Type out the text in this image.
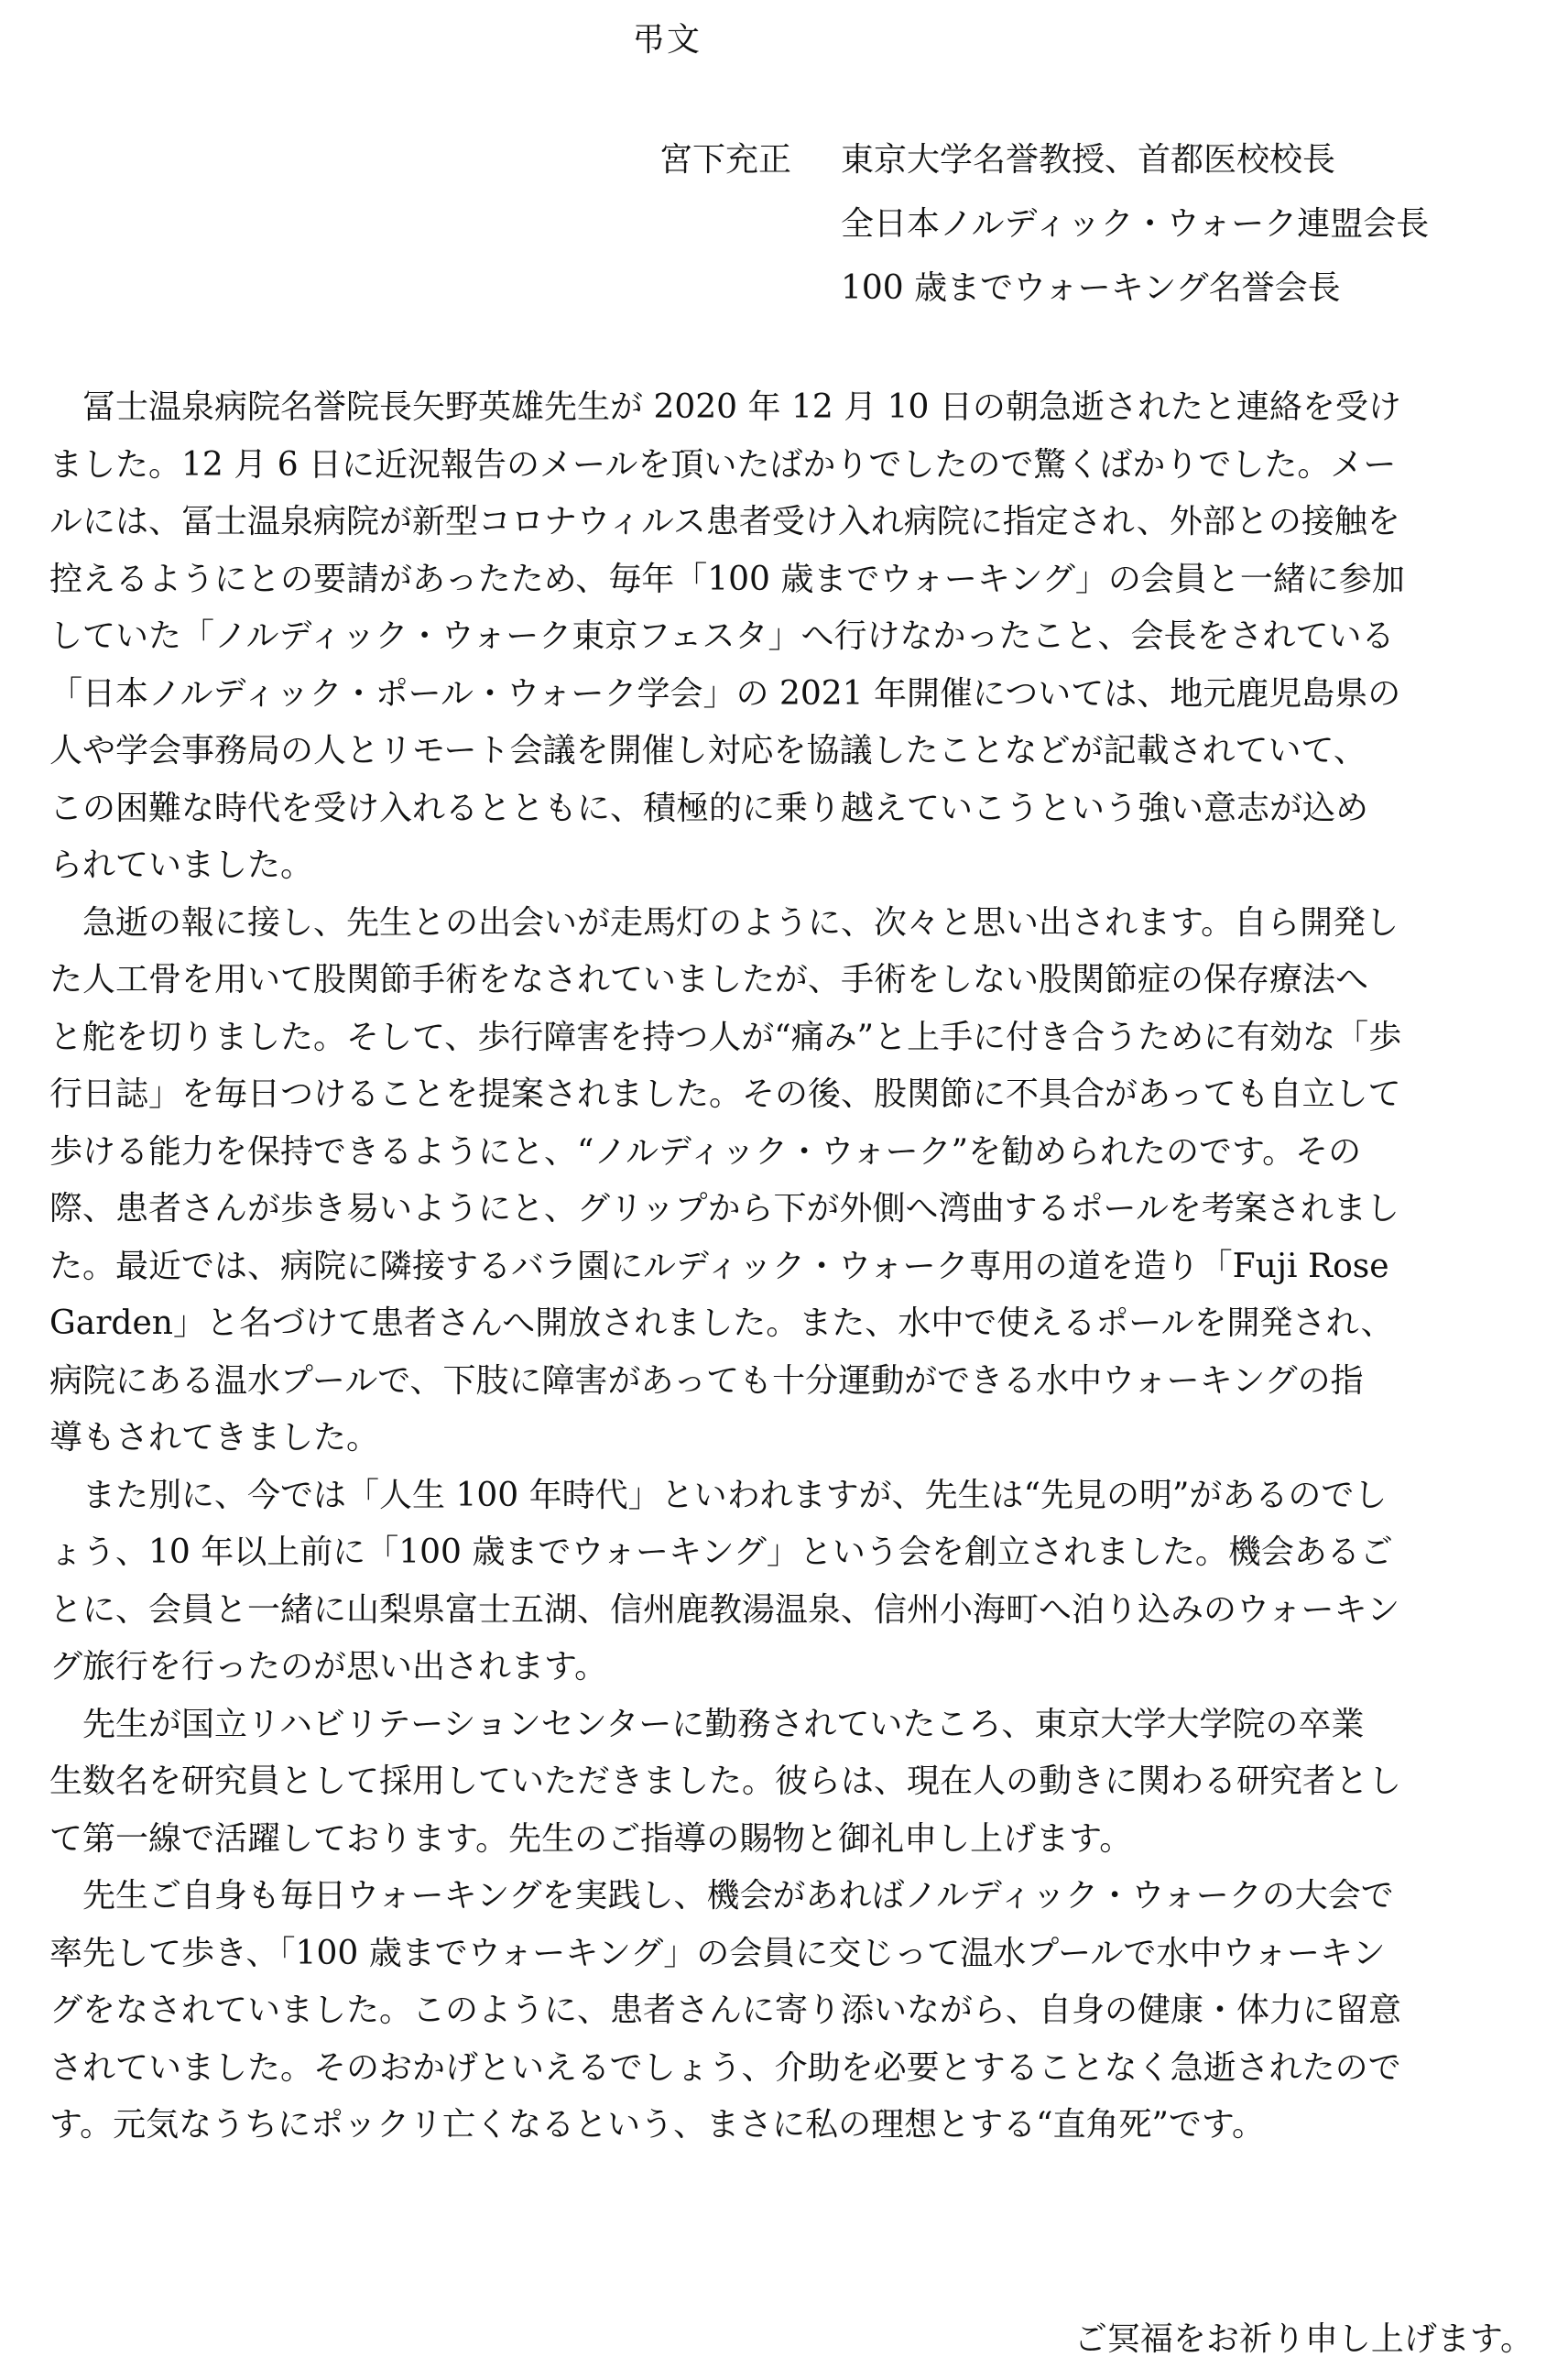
弔文
宮下充正 東京大学名誉教授、首都医校校長
全日本ノルディック・ウォーク連盟会長
100 歳までウォーキング名誉会長
　冨士温泉病院名誉院長矢野英雄先生が 2020 年 12 月 10 日の朝急逝されたと連絡を受け
ました。12 月 6 日に近況報告のメールを頂いたばかりでしたので驚くばかりでした。メー
ルには、冨士温泉病院が新型コロナウィルス患者受け入れ病院に指定され、外部との接触を
控えるようにとの要請があったため、毎年「100 歳までウォーキング」の会員と一緒に参加
していた「ノルディック・ウォーク東京フェスタ」へ行けなかったこと、会長をされている
「日本ノルディック・ポール・ウォーク学会」の 2021 年開催については、地元鹿児島県の
人や学会事務局の人とリモート会議を開催し対応を協議したことなどが記載されていて、
この困難な時代を受け入れるとともに、積極的に乗り越えていこうという強い意志が込め
られていました。
　急逝の報に接し、先生との出会いが走馬灯のように、次々と思い出されます。自ら開発し
た人工骨を用いて股関節手術をなされていましたが、手術をしない股関節症の保存療法へ
と舵を切りました。そして、歩行障害を持つ人が“痛み”と上手に付き合うために有効な「歩
行日誌」を毎日つけることを提案されました。その後、股関節に不具合があっても自立して
歩ける能力を保持できるようにと、“ノルディック・ウォーク”を勧められたのです。その
際、患者さんが歩き易いようにと、グリップから下が外側へ湾曲するポールを考案されまし
た。最近では、病院に隣接するバラ園にルディック・ウォーク専用の道を造り「Fuji Rose
Garden」と名づけて患者さんへ開放されました。また、水中で使えるポールを開発され、
病院にある温水プールで、下肢に障害があっても十分運動ができる水中ウォーキングの指
導もされてきました。
　また別に、今では「人生 100 年時代」といわれますが、先生は“先見の明”があるのでし
ょう、10 年以上前に「100 歳までウォーキング」という会を創立されました。機会あるご
とに、会員と一緒に山梨県富士五湖、信州鹿教湯温泉、信州小海町へ泊り込みのウォーキン
グ旅行を行ったのが思い出されます。
　先生が国立リハビリテーションセンターに勤務されていたころ、東京大学大学院の卒業
生数名を研究員として採用していただきました。彼らは、現在人の動きに関わる研究者とし
て第一線で活躍しております。先生のご指導の賜物と御礼申し上げます。
　先生ご自身も毎日ウォーキングを実践し、機会があればノルディック・ウォークの大会で
率先して歩き、「100 歳までウォーキング」の会員に交じって温水プールで水中ウォーキン
グをなされていました。このように、患者さんに寄り添いながら、自身の健康・体力に留意
されていました。そのおかげといえるでしょう、介助を必要とすることなく急逝されたので
す。元気なうちにポックリ亡くなるという、まさに私の理想とする“直角死”です。
ご冥福をお祈り申し上げます。
